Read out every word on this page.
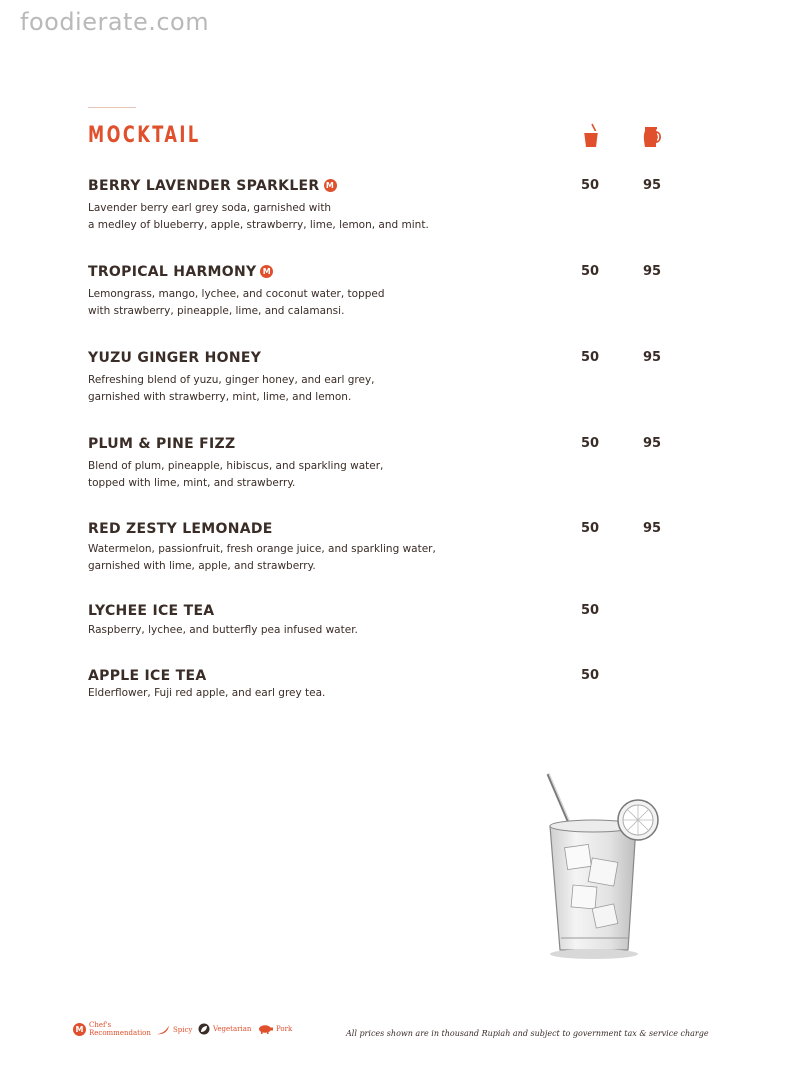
foodierate.com
MOCKTAIL
BERRY LAVENDER SPARKLER M
Lavender berry earl grey soda, garnished with
a medley of blueberry, apple, strawberry, lime, lemon, and mint.
50	95
TROPICAL HARMONY M
Lemongrass, mango, lychee, and coconut water, topped
with strawberry, pineapple, lime, and calamansi.
50	95
YUZU GINGER HONEY
Refreshing blend of yuzu, ginger honey, and earl grey,
garnished with strawberry, mint, lime, and lemon.
50	95
PLUM & PINE FIZZ
Blend of plum, pineapple, hibiscus, and sparkling water,
topped with lime, mint, and strawberry.
50	95
RED ZESTY LEMONADE
Watermelon, passionfruit, fresh orange juice, and sparkling water,
garnished with lime, apple, and strawberry.
50	95
LYCHEE ICE TEA
Raspberry, lychee, and butterfly pea infused water.
50
APPLE ICE TEA
Elderflower, Fuji red apple, and earl grey tea.
50
M Chef's
Recommendation	Spicy	Vegetarian	Pork
All prices shown are in thousand Rupiah and subject to government tax & service charge
